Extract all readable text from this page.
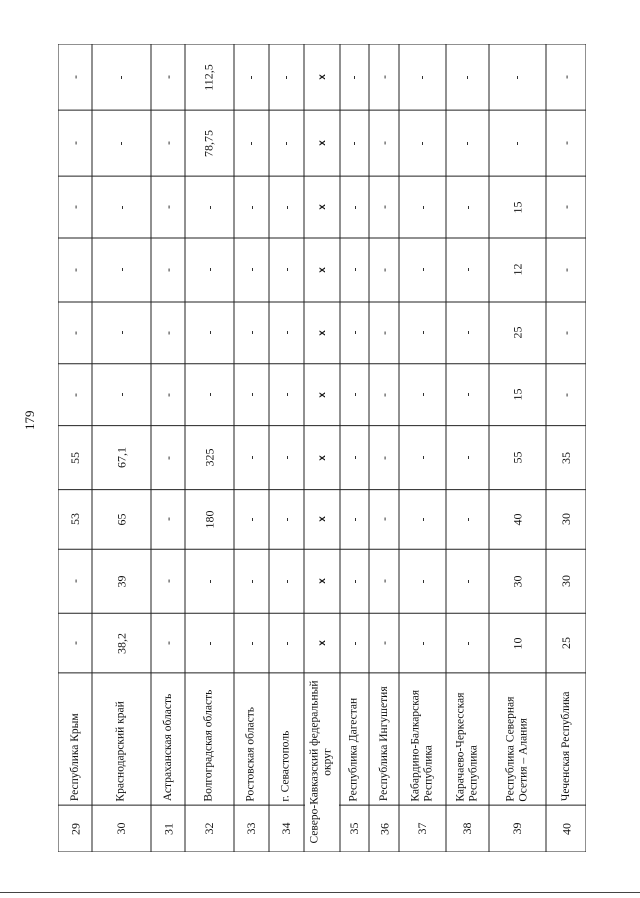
179
29
Республика Крым
-
-
53
55
-
-
-
-
-
-
30
Краснодарский край
38,2
39
65
67,1
-
-
-
-
-
-
31
Астраханская область
-
-
-
-
-
-
-
-
-
-
32
Волгоградская область
-
-
180
325
-
-
-
-
78,75
112,5
33
Ростовская область
-
-
-
-
-
-
-
-
-
-
34
г. Севастополь
-
-
-
-
-
-
-
-
-
-
Северо-Кавказский федеральный округ
x
x
x
x
x
x
x
x
x
x
35
Республика Дагестан
-
-
-
-
-
-
-
-
-
-
36
Республика Ингушетия
-
-
-
-
-
-
-
-
-
-
37
Кабардино-Балкарская Республика
-
-
-
-
-
-
-
-
-
-
38
Карачаево-Черкесская Республика
-
-
-
-
-
-
-
-
-
-
39
Республика Северная Осетия – Алания
10
30
40
55
15
25
12
15
-
-
40
Чеченская Республика
25
30
30
35
-
-
-
-
-
-
